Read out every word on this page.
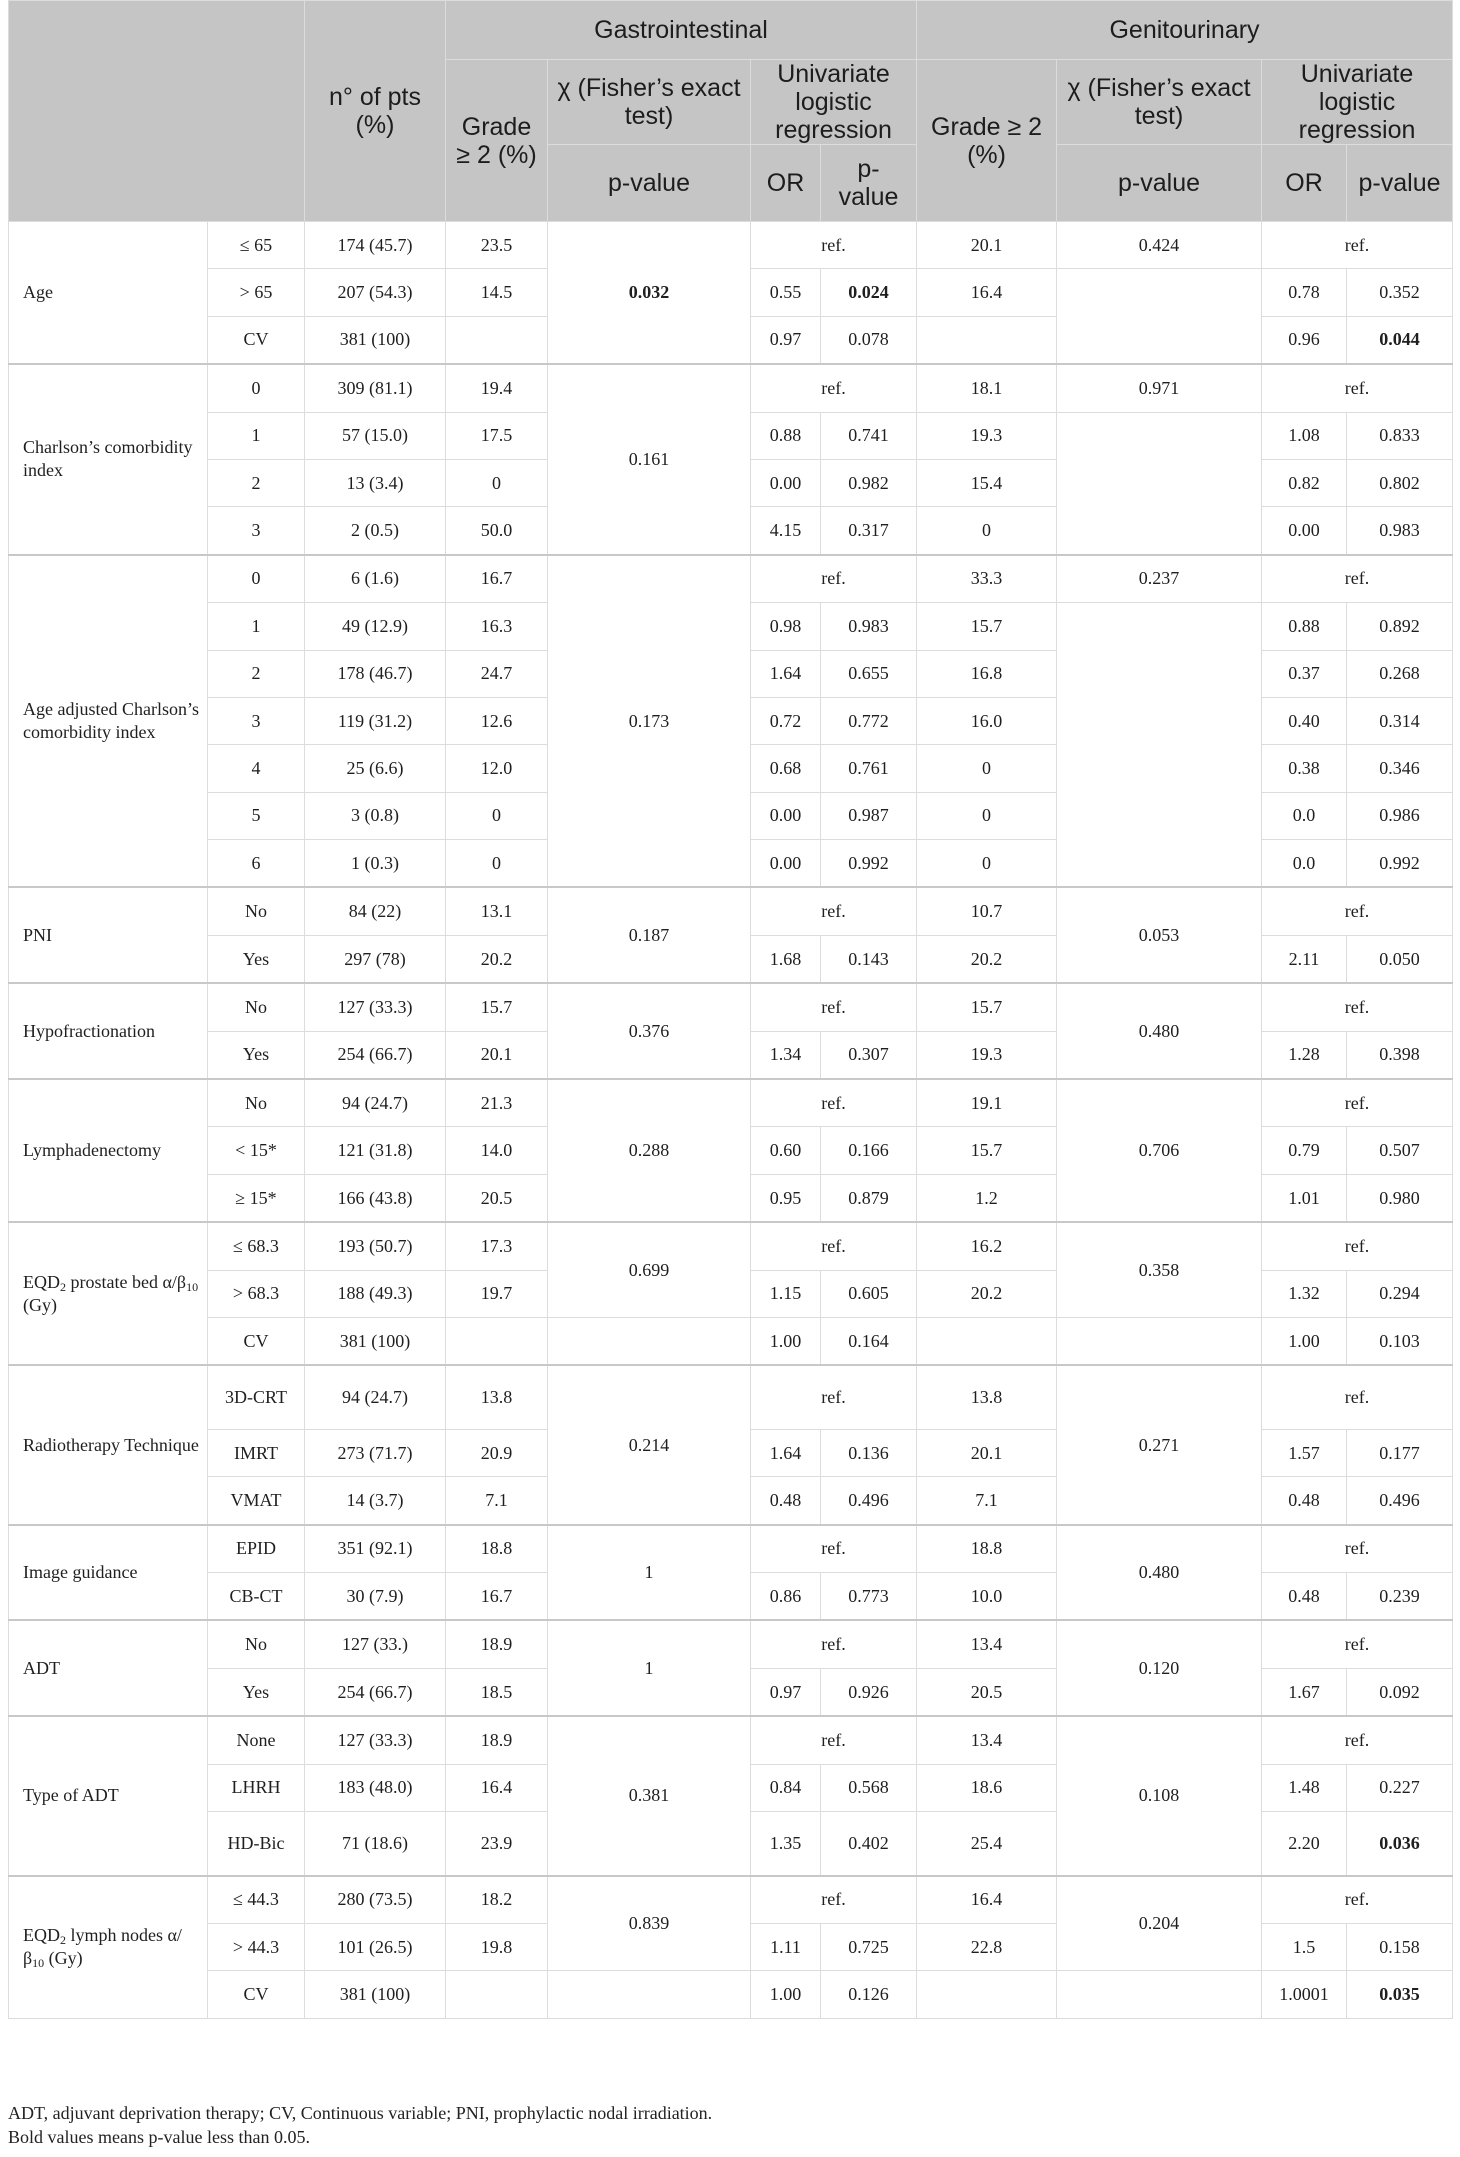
		n° of pts (%)	Gastrointestinal				Genitourinary			
			Grade ≥ 2 (%)	χ (Fisher’s exact test)	Univariate logistic regression		Grade ≥ 2 (%)	χ (Fisher’s exact test)	Univariate logistic regression	
				p-value	OR	p-value		p-value	OR	p-value
Age	≤ 65	174 (45.7)	23.5	0.032	ref.		20.1	0.424	ref.	
	> 65	207 (54.3)	14.5		0.55	0.024	16.4		0.78	0.352
	CV	381 (100)			0.97	0.078			0.96	0.044
Charlson’s comorbidity index	0	309 (81.1)	19.4	0.161	ref.		18.1	0.971	ref.	
	1	57 (15.0)	17.5		0.88	0.741	19.3		1.08	0.833
	2	13 (3.4)	0		0.00	0.982	15.4		0.82	0.802
	3	2 (0.5)	50.0		4.15	0.317	0		0.00	0.983
Age adjusted Charlson’s comorbidity index	0	6 (1.6)	16.7	0.173	ref.		33.3	0.237	ref.	
	1	49 (12.9)	16.3		0.98	0.983	15.7		0.88	0.892
	2	178 (46.7)	24.7		1.64	0.655	16.8		0.37	0.268
	3	119 (31.2)	12.6		0.72	0.772	16.0		0.40	0.314
	4	25 (6.6)	12.0		0.68	0.761	0		0.38	0.346
	5	3 (0.8)	0		0.00	0.987	0		0.0	0.986
	6	1 (0.3)	0		0.00	0.992	0		0.0	0.992
PNI	No	84 (22)	13.1	0.187	ref.		10.7	0.053	ref.	
	Yes	297 (78)	20.2		1.68	0.143	20.2		2.11	0.050
Hypofractionation	No	127 (33.3)	15.7	0.376	ref.		15.7	0.480	ref.	
	Yes	254 (66.7)	20.1		1.34	0.307	19.3		1.28	0.398
Lymphadenectomy	No	94 (24.7)	21.3	0.288	ref.		19.1	0.706	ref.	
	< 15*	121 (31.8)	14.0		0.60	0.166	15.7		0.79	0.507
	≥ 15*	166 (43.8)	20.5		0.95	0.879	1.2		1.01	0.980
$EQD_2$ prostate bed $\alpha/\beta_{10}$ (Gy)	≤ 68.3	193 (50.7)	17.3	0.699	ref.		16.2	0.358	ref.	
	> 68.3	188 (49.3)	19.7		1.15	0.605	20.2		1.32	0.294
	CV	381 (100)			1.00	0.164			1.00	0.103
Radiotherapy Technique	3D-CRT	94 (24.7)	13.8	0.214	ref.		13.8	0.271	ref.	
	IMRT	273 (71.7)	20.9		1.64	0.136	20.1		1.57	0.177
	VMAT	14 (3.7)	7.1		0.48	0.496	7.1		0.48	0.496
Image guidance	EPID	351 (92.1)	18.8	1	ref.		18.8	0.480	ref.	
	CB-CT	30 (7.9)	16.7		0.86	0.773	10.0		0.48	0.239
ADT	No	127 (33.)	18.9	1	ref.		13.4	0.120	ref.	
	Yes	254 (66.7)	18.5		0.97	0.926	20.5		1.67	0.092
Type of ADT	None	127 (33.3)	18.9	0.381	ref.		13.4	0.108	ref.	
	LHRH	183 (48.0)	16.4		0.84	0.568	18.6		1.48	0.227
	HD-Bic	71 (18.6)	23.9		1.35	0.402	25.4		2.20	0.036
$EQD_2$ lymph nodes $\alpha/\beta_{10}$ (Gy)	≤ 44.3	280 (73.5)	18.2	0.839	ref.		16.4	0.204	ref.	
	> 44.3	101 (26.5)	19.8		1.11	0.725	22.8		1.5	0.158
	CV	381 (100)			1.00	0.126			1.0001	0.035
ADT, adjuvant deprivation therapy; CV, Continuous variable; PNI, prophylactic nodal irradiation.
Bold values means p-value less than 0.05.
